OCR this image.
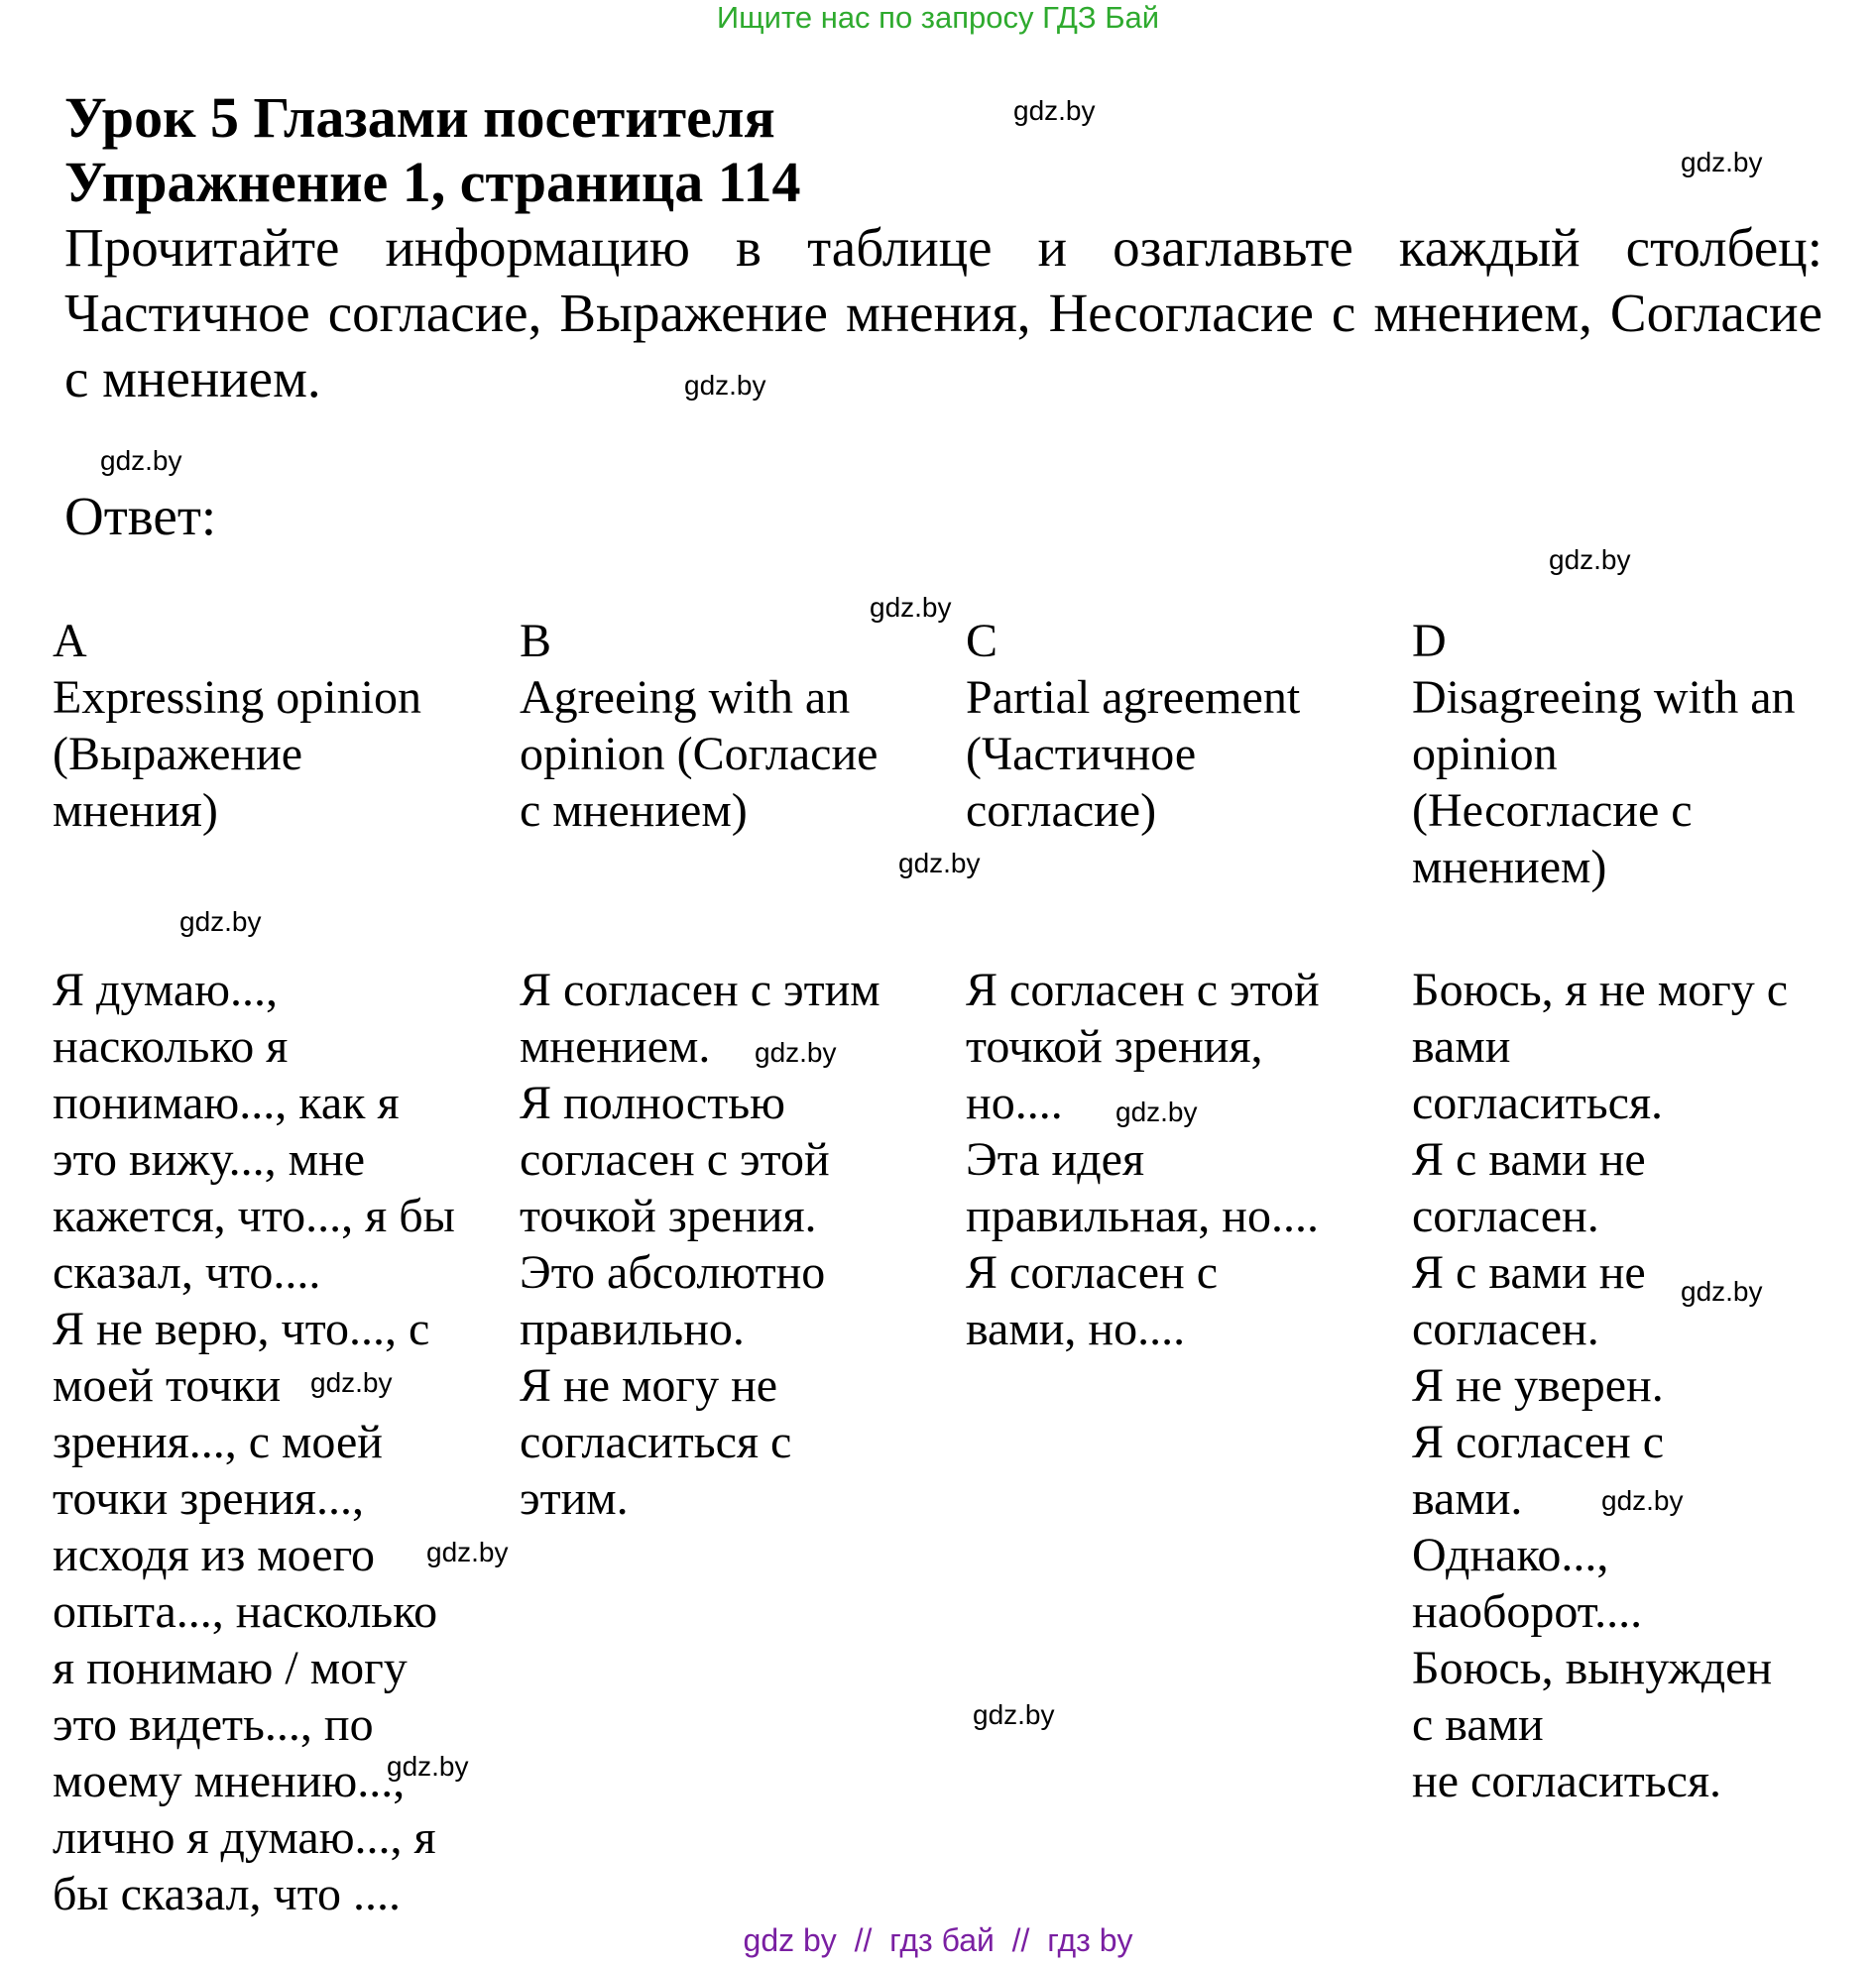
Ищите нас по запросу ГДЗ Бай
Урок 5 Глазами посетителя
Упражнение 1, страница 114
Прочитайте информацию в таблице и озаглавьте каждый столбец: Частичное согласие, Выражение мнения, Несогласие с мнением, Согласие с мнением.
Ответ:
A
Expressing opinion
(Выражение
мнения)
Я думаю...,
насколько я
понимаю..., как я
это вижу..., мне
кажется, что..., я бы
сказал, что....
Я не верю, что..., с
моей точки
зрения..., с моей
точки зрения...,
исходя из моего
опыта..., насколько
я понимаю / могу
это видеть..., по
моему мнению...,
лично я думаю..., я
бы сказал, что ....
B
Agreeing with an
opinion (Согласие
с мнением)
Я согласен с этим
мнением.
Я полностью
согласен с этой
точкой зрения.
Это абсолютно
правильно.
Я не могу не
согласиться с
этим.
C
Partial agreement
(Частичное
согласие)
Я согласен с этой
точкой зрения,
но....
Эта идея
правильная, но....
Я согласен с
вами, но....
D
Disagreeing with an
opinion
(Несогласие с
мнением)
Боюсь, я не могу с
вами
согласиться.
Я с вами не
согласен.
Я с вами не
согласен.
Я не уверен.
Я согласен с
вами.
Однако...,
наоборот....
Боюсь, вынужден
с вами
не согласиться.
gdz.by
gdz.by
gdz.by
gdz.by
gdz.by
gdz.by
gdz.by
gdz.by
gdz.by
gdz.by
gdz.by
gdz.by
gdz.by
gdz.by
gdz.by
gdz.by
gdz by  //  гдз бай  //  гдз by
